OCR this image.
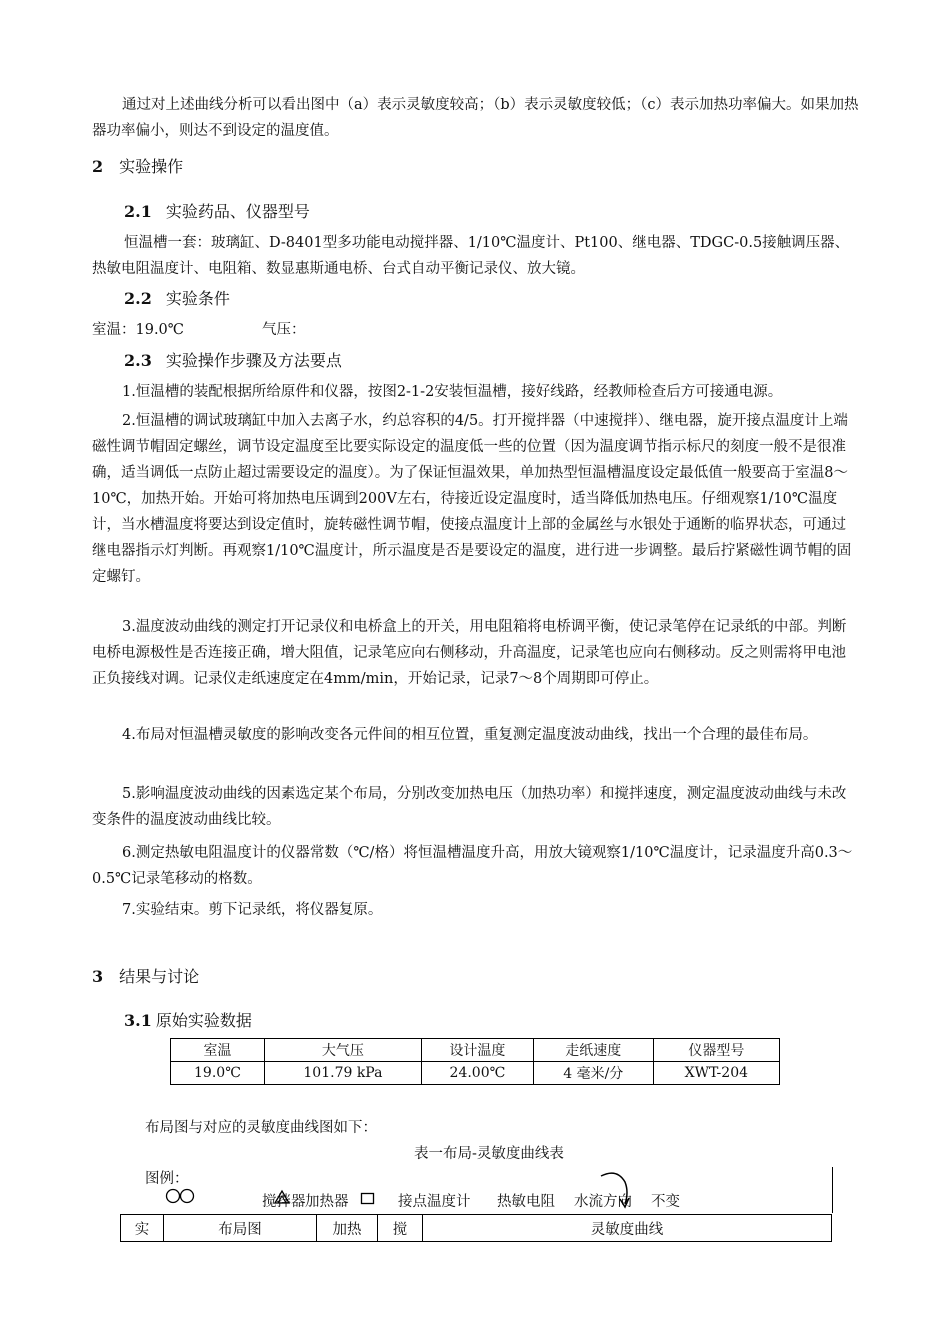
通过对上述曲线分析可以看出图中（a）表示灵敏度较高；（b）表示灵敏度较低；（c）表示加热功率偏大。如果加热器功率偏小，则达不到设定的温度值。

2 实验操作
2.1 实验药品、仪器型号

恒温槽一套：玻璃缸、D-8401型多功能电动搅拌器、1/10℃温度计、Pt100、继电器、TDGC-0.5接触调压器、热敏电阻温度计、电阻箱、数显惠斯通电桥、台式自动平衡记录仪、放大镜。

2.2 实验条件
室温：19.0℃	气压：
2.3 实验操作步骤及方法要点

1.恒温槽的装配根据所给原件和仪器，按图2-1-2安装恒温槽，接好线路，经教师检查后方可接通电源。

2.恒温槽的调试玻璃缸中加入去离子水，约总容积的4/5。打开搅拌器（中速搅拌）、继电器，旋开接点温度计上端磁性调节帽固定螺丝，调节设定温度至比要实际设定的温度低一些的位置（因为温度调节指示标尺的刻度一般不是很准确，适当调低一点防止超过需要设定的温度）。为了保证恒温效果，单加热型恒温槽温度设定最低值一般要高于室温8～10℃，加热开始。开始可将加热电压调到200V左右，待接近设定温度时，适当降低加热电压。仔细观察1/10℃温度计，当水槽温度将要达到设定值时，旋转磁性调节帽，使接点温度计上部的金属丝与水银处于通断的临界状态，可通过继电器指示灯判断。再观察1/10℃温度计，所示温度是否是要设定的温度，进行进一步调整。最后拧紧磁性调节帽的固定螺钉。

3.温度波动曲线的测定打开记录仪和电桥盒上的开关，用电阻箱将电桥调平衡，使记录笔停在记录纸的中部。判断电桥电源极性是否连接正确，增大阻值，记录笔应向右侧移动，升高温度，记录笔也应向右侧移动。反之则需将甲电池正负接线对调。记录仪走纸速度定在4mm/min，开始记录，记录7～8个周期即可停止。

4.布局对恒温槽灵敏度的影响改变各元件间的相互位置，重复测定温度波动曲线，找出一个合理的最佳布局。

5.影响温度波动曲线的因素选定某个布局，分别改变加热电压（加热功率）和搅拌速度，测定温度波动曲线与未改变条件的温度波动曲线比较。

6.测定热敏电阻温度计的仪器常数（℃/格）将恒温槽温度升高，用放大镜观察1/10℃温度计，记录温度升高0.3～0.5℃记录笔移动的格数。

7.实验结束。剪下记录纸，将仪器复原。

3 结果与讨论
3.1 原始实验数据
室温	大气压	设计温度	走纸速度	仪器型号
19.0℃	101.79 kPa	24.00℃	4 毫米/分	XWT-204
布局图与对应的灵敏度曲线图如下：
表一布局-灵敏度曲线表
图例：
搅拌器 加热器	接点温度计 热敏电阻 水流方向 不变
实	布局图	加热	搅	灵敏度曲线
